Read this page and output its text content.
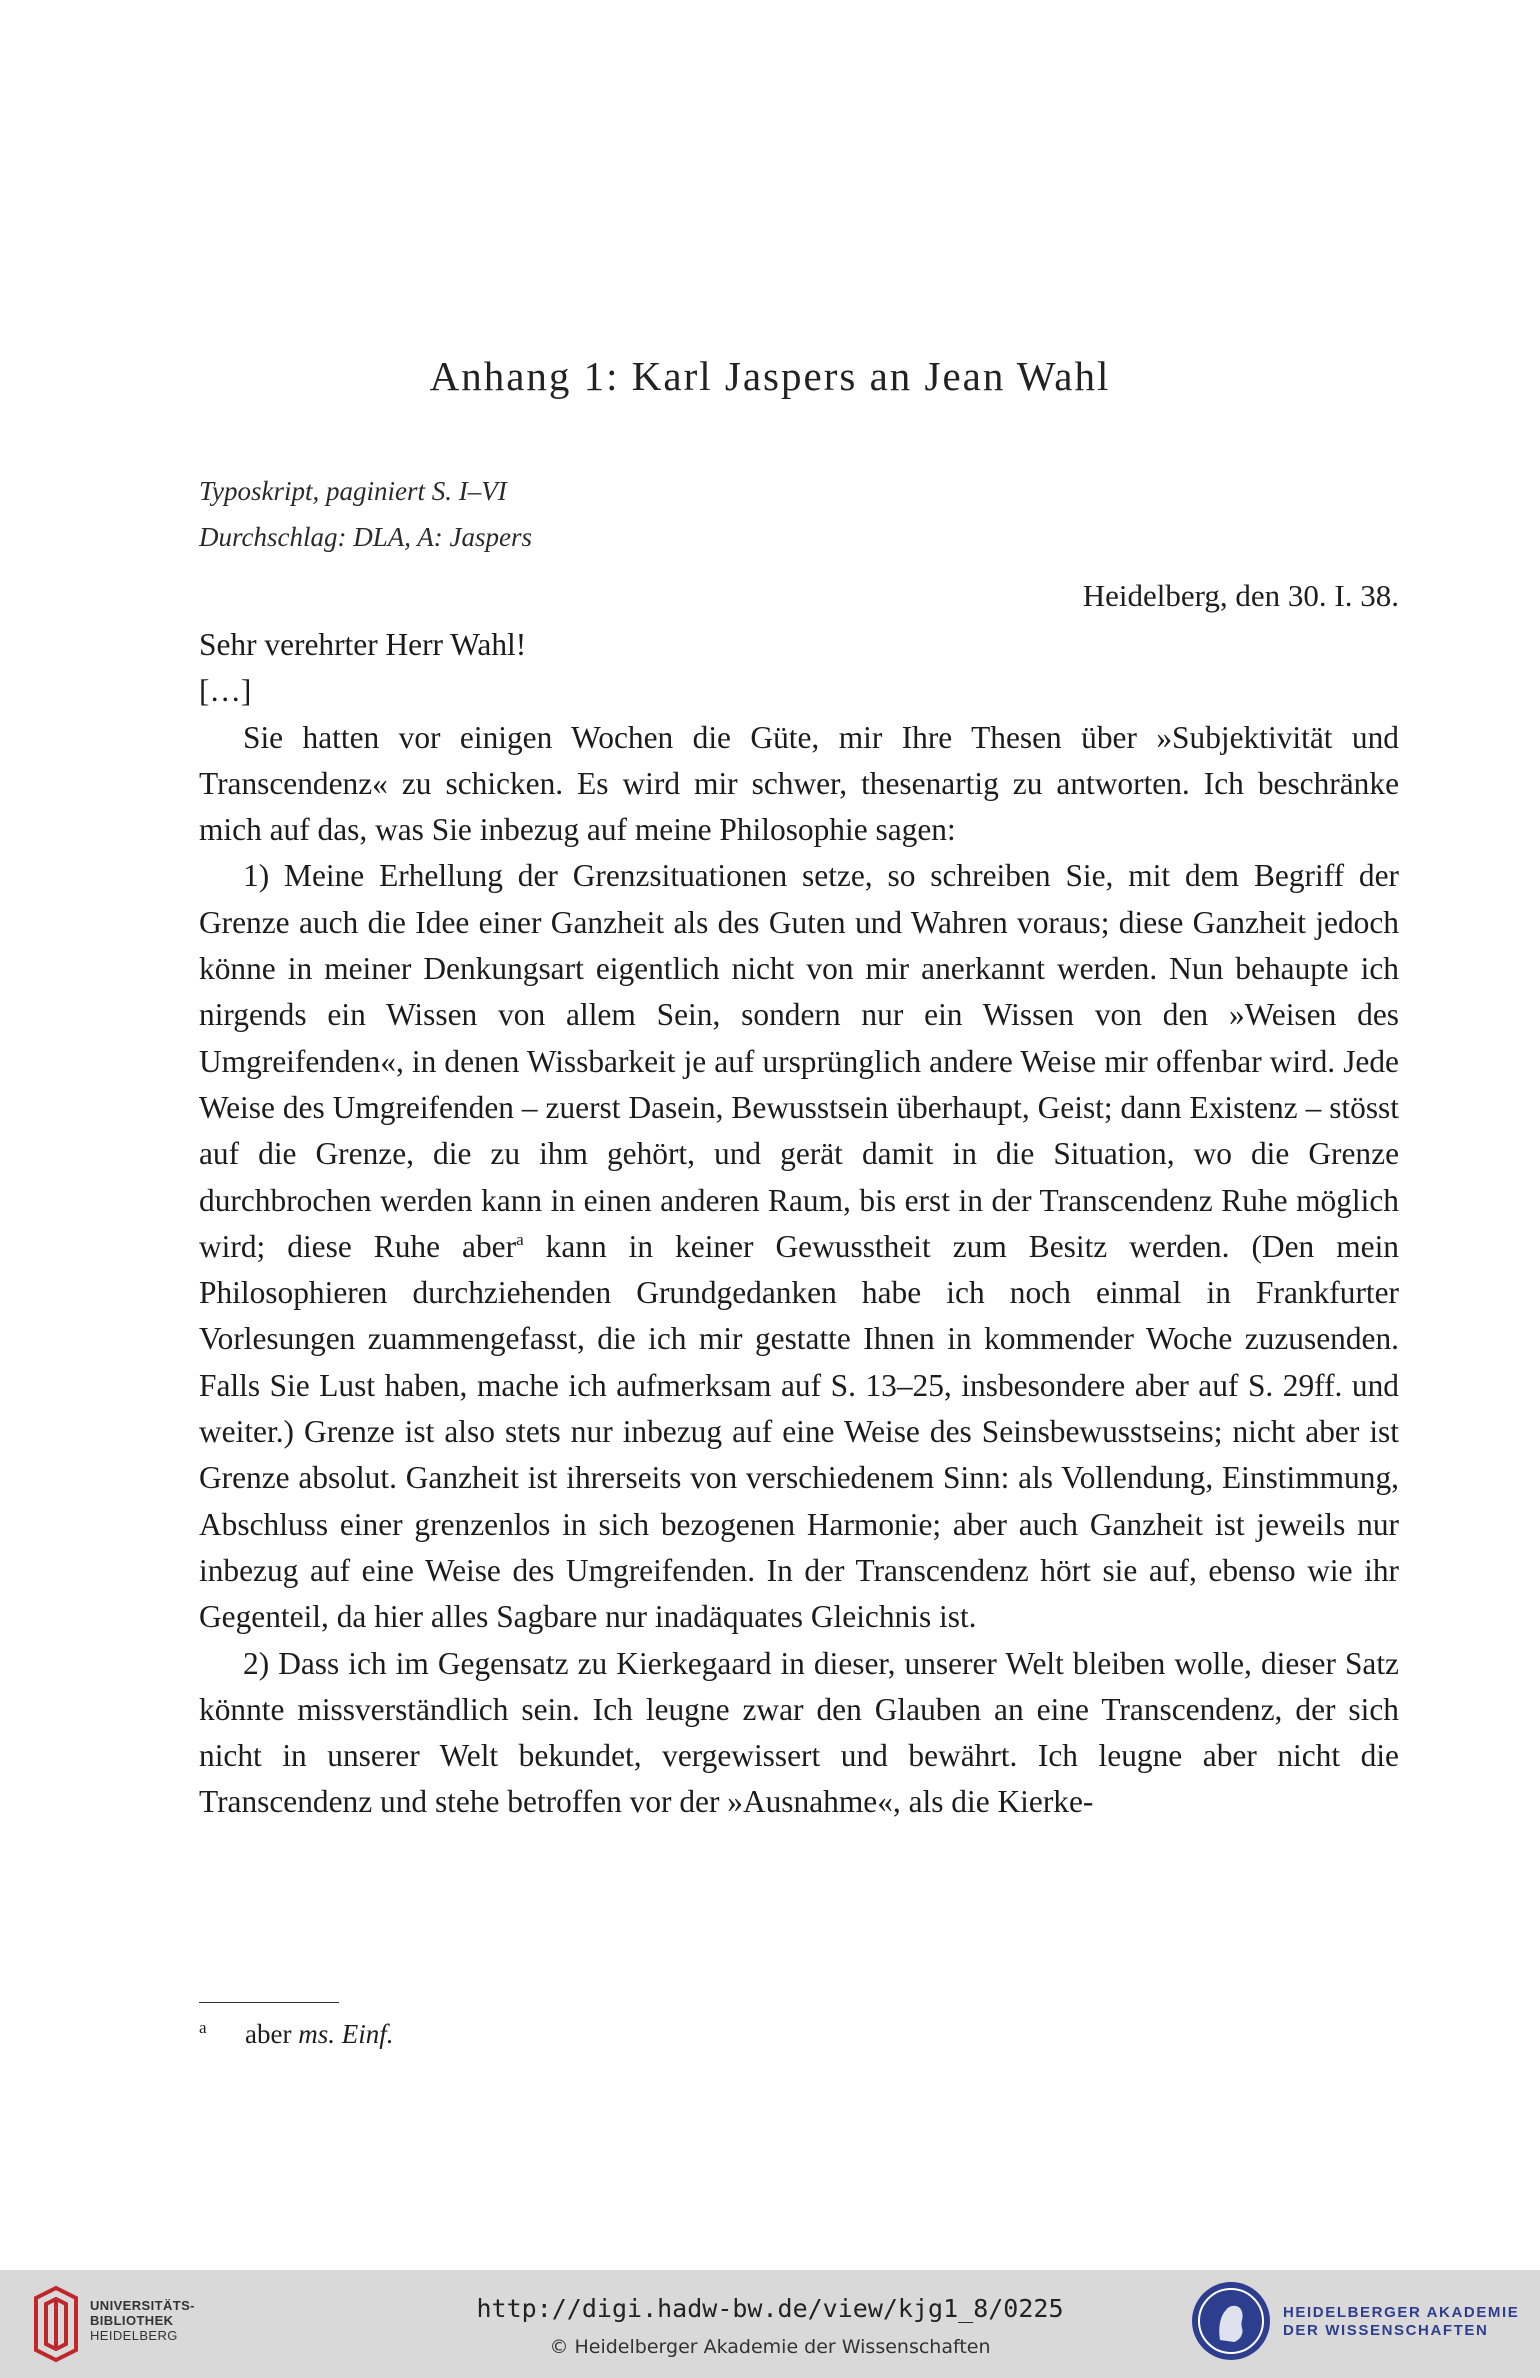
Anhang 1: Karl Jaspers an Jean Wahl
Typoskript, paginiert S. I–VI
Durchschlag: DLA, A: Jaspers
Heidelberg, den 30. I. 38.

Sehr verehrter Herr Wahl!

[…]

Sie hatten vor einigen Wochen die Güte, mir Ihre Thesen über »Subjektivität und Transcendenz« zu schicken. Es wird mir schwer, thesenartig zu antworten. Ich beschränke mich auf das, was Sie inbezug auf meine Philosophie sagen:

1) Meine Erhellung der Grenzsituationen setze, so schreiben Sie, mit dem Begriff der Grenze auch die Idee einer Ganzheit als des Guten und Wahren voraus; diese Ganzheit jedoch könne in meiner Denkungsart eigentlich nicht von mir anerkannt werden. Nun behaupte ich nirgends ein Wissen von allem Sein, sondern nur ein Wissen von den »Weisen des Umgreifenden«, in denen Wissbarkeit je auf ursprünglich andere Weise mir offenbar wird. Jede Weise des Umgreifenden – zuerst Dasein, Bewusstsein überhaupt, Geist; dann Existenz – stösst auf die Grenze, die zu ihm gehört, und gerät damit in die Situation, wo die Grenze durchbrochen werden kann in einen anderen Raum, bis erst in der Transcendenz Ruhe möglich wird; diese Ruhe aber$^a$ kann in keiner Gewusstheit zum Besitz werden. (Den mein Philosophieren durchziehenden Grundgedanken habe ich noch einmal in Frankfurter Vorlesungen zuammengefasst, die ich mir gestatte Ihnen in kommender Woche zuzusenden. Falls Sie Lust haben, mache ich aufmerksam auf S. 13–25, insbesondere aber auf S. 29ff. und weiter.) Grenze ist also stets nur inbezug auf eine Weise des Seinsbewusstseins; nicht aber ist Grenze absolut. Ganzheit ist ihrerseits von verschiedenem Sinn: als Vollendung, Einstimmung, Abschluss einer grenzenlos in sich bezogenen Harmonie; aber auch Ganzheit ist jeweils nur inbezug auf eine Weise des Umgreifenden. In der Transcendenz hört sie auf, ebenso wie ihr Gegenteil, da hier alles Sagbare nur inadäquates Gleichnis ist.

2) Dass ich im Gegensatz zu Kierkegaard in dieser, unserer Welt bleiben wolle, dieser Satz könnte missverständlich sein. Ich leugne zwar den Glauben an eine Transcendenz, der sich nicht in unserer Welt bekundet, vergewissert und bewährt. Ich leugne aber nicht die Transcendenz und stehe betroffen vor der »Ausnahme«, als die Kierke-

a aber ms. Einf.
UNIVERSITÄTS-
BIBLIOTHEK
HEIDELBERG
http://digi.hadw-bw.de/view/kjg1_8/0225
© Heidelberger Akademie der Wissenschaften
HEIDELBERGER AKADEMIE
DER WISSENSCHAFTEN
